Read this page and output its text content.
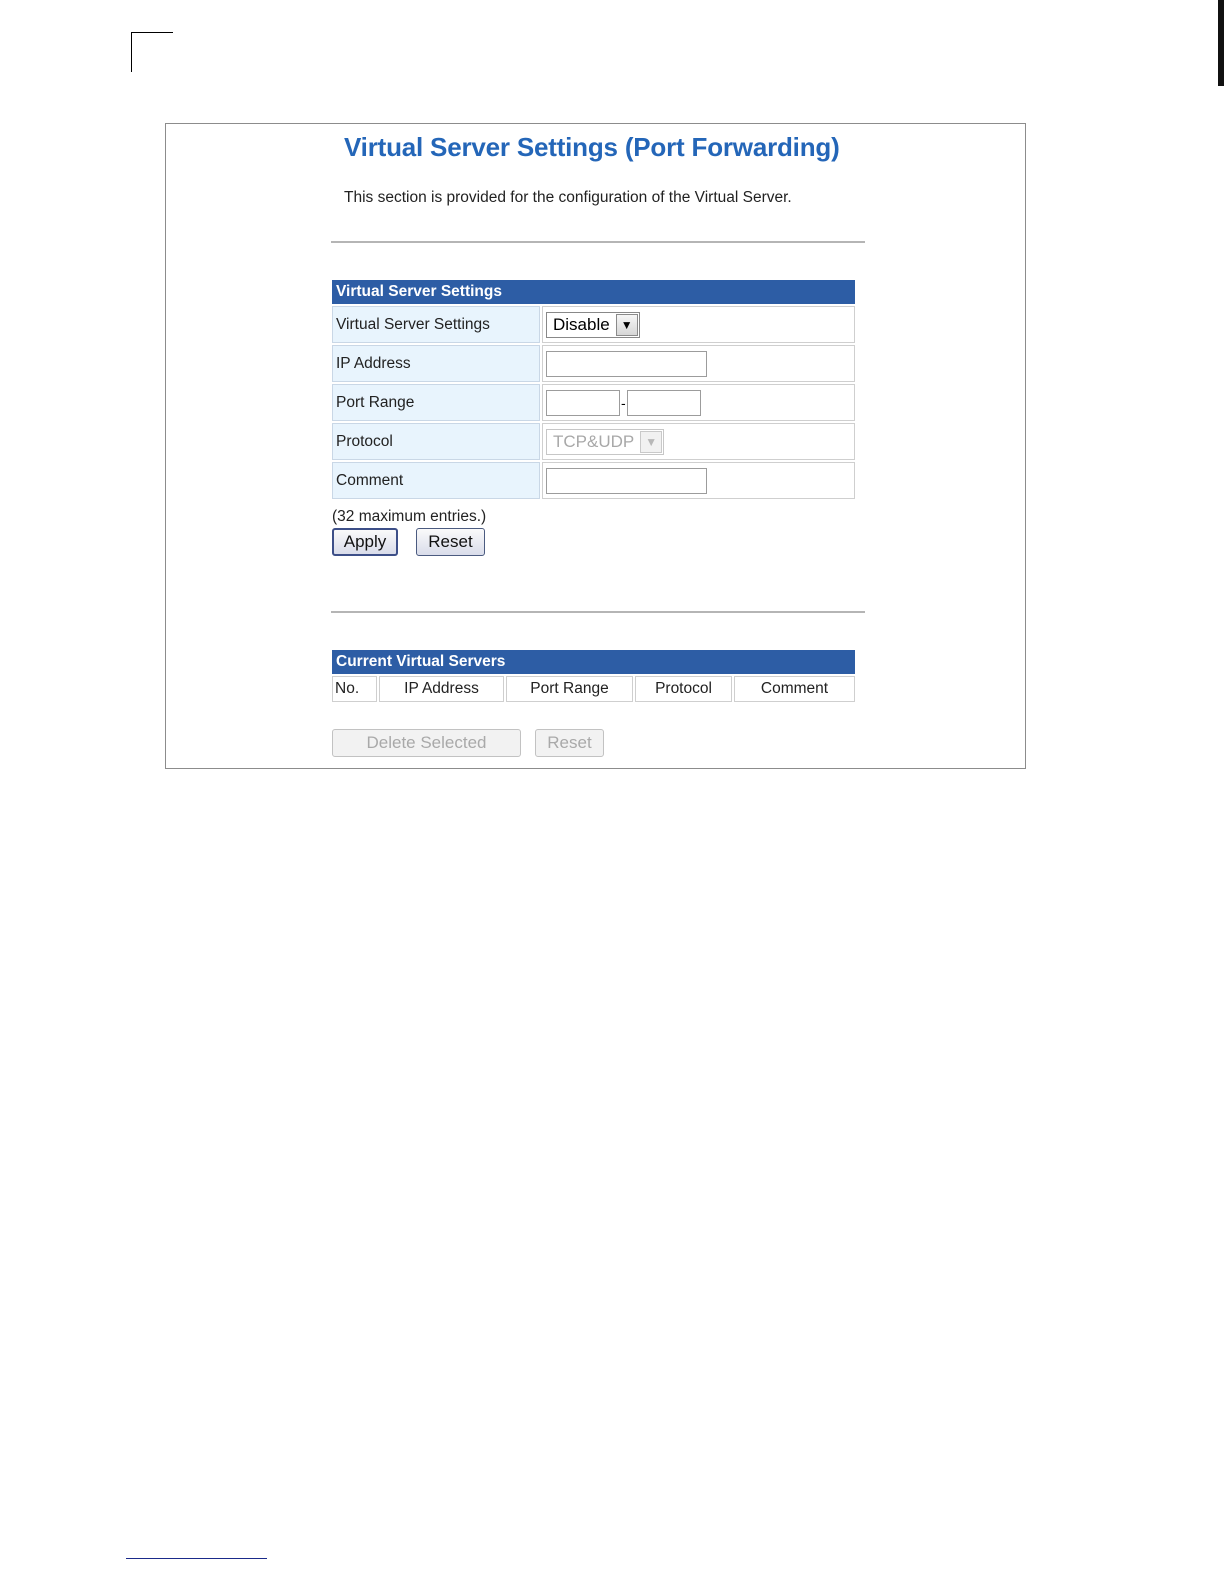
Virtual Server Settings (Port Forwarding)
This section is provided for the configuration of the Virtual Server.
Virtual Server Settings	
Virtual Server Settings	Disable ▼

IP Address	
Port Range	-
Protocol	TCP&UDP ▼

Comment	
(32 maximum entries.)
Apply	Reset
Current Virtual Servers
No.	IP Address	Port Range	Protocol	Comment
Delete Selected	Reset
